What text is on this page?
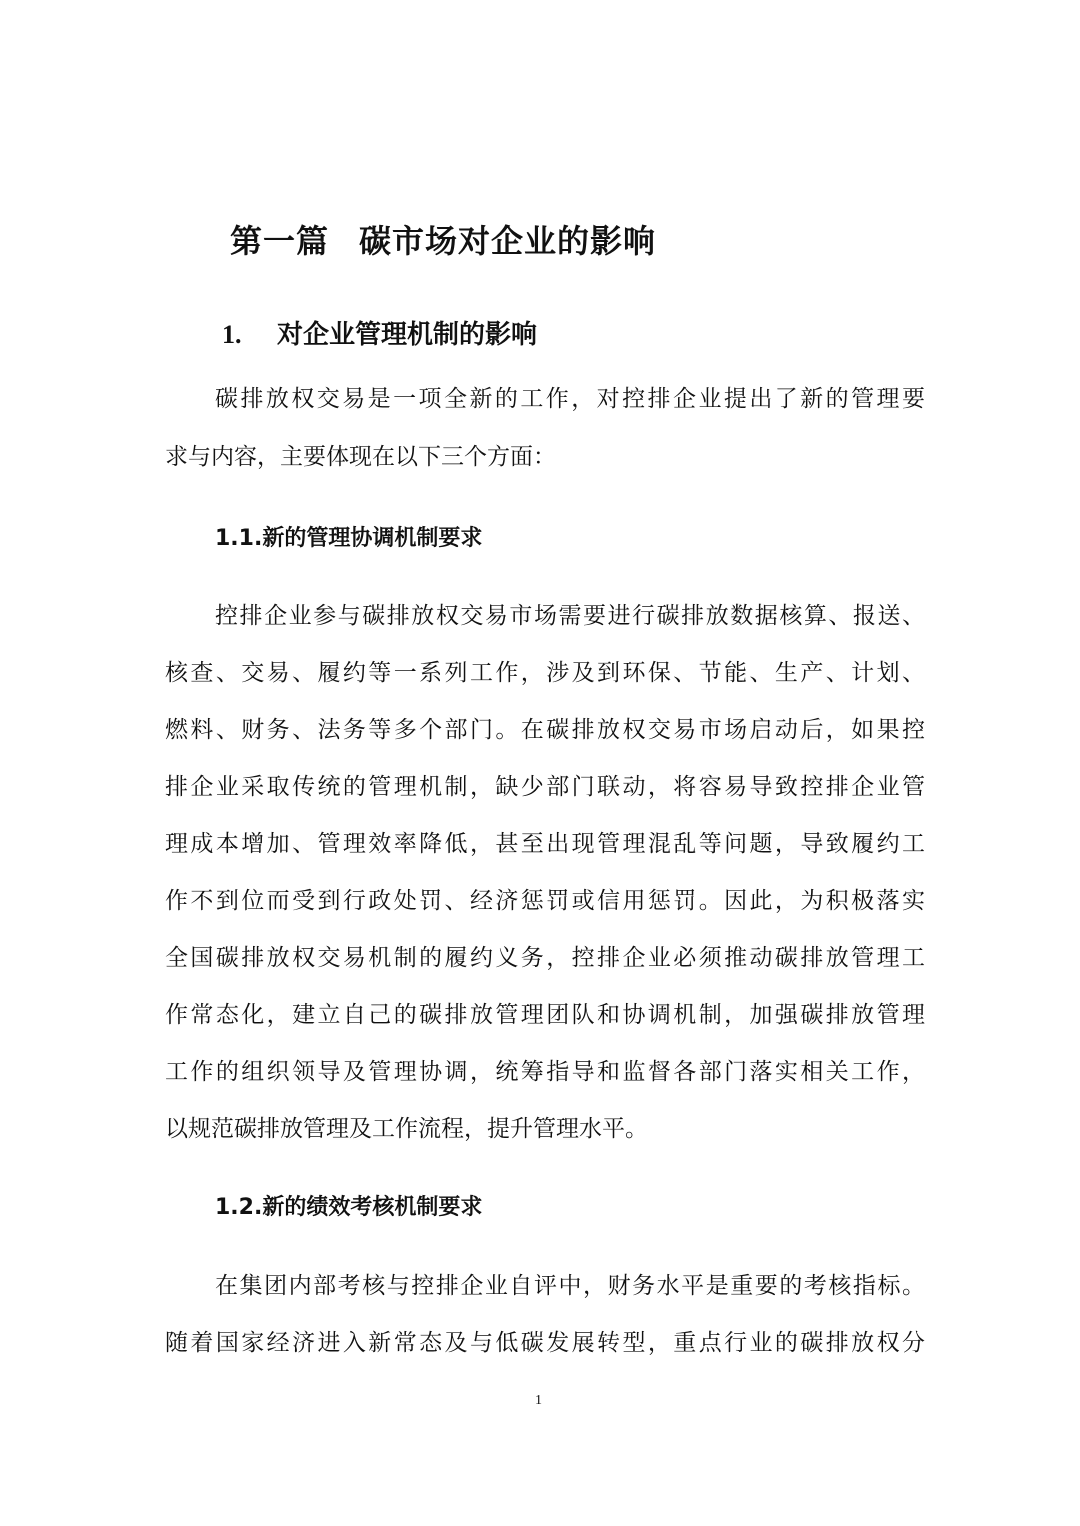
第一篇 碳市场对企业的影响
1. 对企业管理机制的影响
碳排放权交易是一项全新的工作，对控排企业提出了新的管理要
求与内容，主要体现在以下三个方面：
1.1.新的管理协调机制要求
控排企业参与碳排放权交易市场需要进行碳排放数据核算、报送、
核查、交易、履约等一系列工作，涉及到环保、节能、生产、计划、
燃料、财务、法务等多个部门。在碳排放权交易市场启动后，如果控
排企业采取传统的管理机制，缺少部门联动，将容易导致控排企业管
理成本增加、管理效率降低，甚至出现管理混乱等问题，导致履约工
作不到位而受到行政处罚、经济惩罚或信用惩罚。因此，为积极落实
全国碳排放权交易机制的履约义务，控排企业必须推动碳排放管理工
作常态化，建立自己的碳排放管理团队和协调机制，加强碳排放管理
工作的组织领导及管理协调，统筹指导和监督各部门落实相关工作，
以规范碳排放管理及工作流程，提升管理水平。
1.2.新的绩效考核机制要求
在集团内部考核与控排企业自评中，财务水平是重要的考核指标。
随着国家经济进入新常态及与低碳发展转型，重点行业的碳排放权分
1
